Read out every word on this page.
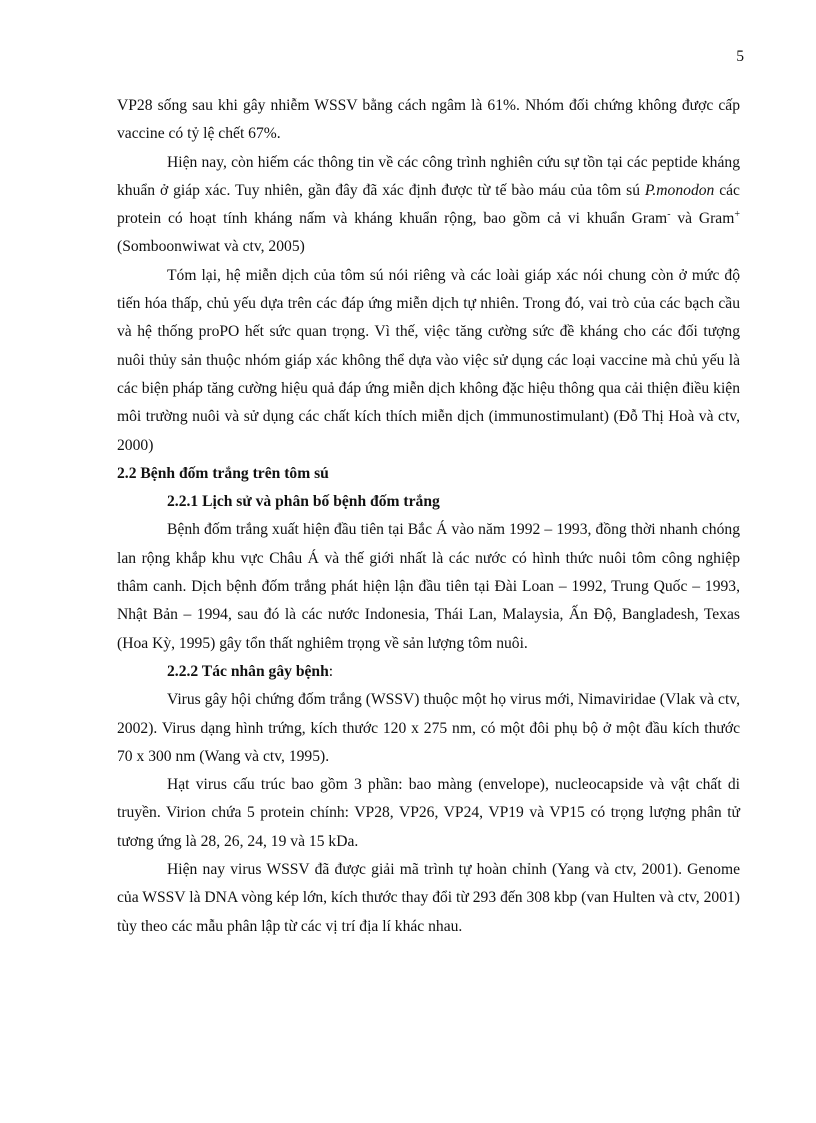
5

VP28 sống sau khi gây nhiễm WSSV bằng cách ngâm là 61%. Nhóm đối chứng không được cấp vaccine có tỷ lệ chết 67%.

Hiện nay, còn hiếm các thông tin về các công trình nghiên cứu sự tồn tại các peptide kháng khuẩn ở giáp xác. Tuy nhiên, gần đây đã xác định được từ tế bào máu của tôm sú P.monodon các protein có hoạt tính kháng nấm và kháng khuẩn rộng, bao gồm cả vi khuẩn Gram- và Gram+ (Somboonwiwat và ctv, 2005)

Tóm lại, hệ miễn dịch của tôm sú nói riêng và các loài giáp xác nói chung còn ở mức độ tiến hóa thấp, chủ yếu dựa trên các đáp ứng miễn dịch tự nhiên. Trong đó, vai trò của các bạch cầu và hệ thống proPO hết sức quan trọng. Vì thế, việc tăng cường sức đề kháng cho các đối tượng nuôi thủy sản thuộc nhóm giáp xác không thể dựa vào việc sử dụng các loại vaccine mà chủ yếu là các biện pháp tăng cường hiệu quả đáp ứng miễn dịch không đặc hiệu thông qua cải thiện điều kiện môi trường nuôi và sử dụng các chất kích thích miễn dịch (immunostimulant) (Đỗ Thị Hoà và ctv, 2000)

2.2 Bệnh đốm trắng trên tôm sú
2.2.1 Lịch sử và phân bố bệnh đốm trắng

Bệnh đốm trắng xuất hiện đầu tiên tại Bắc Á vào năm 1992 – 1993, đồng thời nhanh chóng lan rộng khắp khu vực Châu Á và thế giới nhất là các nước có hình thức nuôi tôm công nghiệp thâm canh. Dịch bệnh đốm trắng phát hiện lận đầu tiên tại Đài Loan – 1992, Trung Quốc – 1993, Nhật Bản – 1994, sau đó là các nước Indonesia, Thái Lan, Malaysia, Ấn Độ, Bangladesh, Texas (Hoa Kỳ, 1995) gây tổn thất nghiêm trọng về sản lượng tôm nuôi.

2.2.2 Tác nhân gây bệnh:

Virus gây hội chứng đốm trắng (WSSV) thuộc một họ virus mới, Nimaviridae (Vlak và ctv, 2002). Virus dạng hình trứng, kích thước 120 x 275 nm, có một đôi phụ bộ ở một đầu kích thước 70 x 300 nm (Wang và ctv, 1995).

Hạt virus cấu trúc bao gồm 3 phần: bao màng (envelope), nucleocapside và vật chất di truyền. Virion chứa 5 protein chính: VP28, VP26, VP24, VP19 và VP15 có trọng lượng phân tử tương ứng là 28, 26, 24, 19 và 15 kDa.

Hiện nay virus WSSV đã được giải mã trình tự hoàn chỉnh (Yang và ctv, 2001). Genome của WSSV là DNA vòng kép lớn, kích thước thay đổi từ 293 đến 308 kbp (van Hulten và ctv, 2001) tùy theo các mẫu phân lập từ các vị trí địa lí khác nhau.
